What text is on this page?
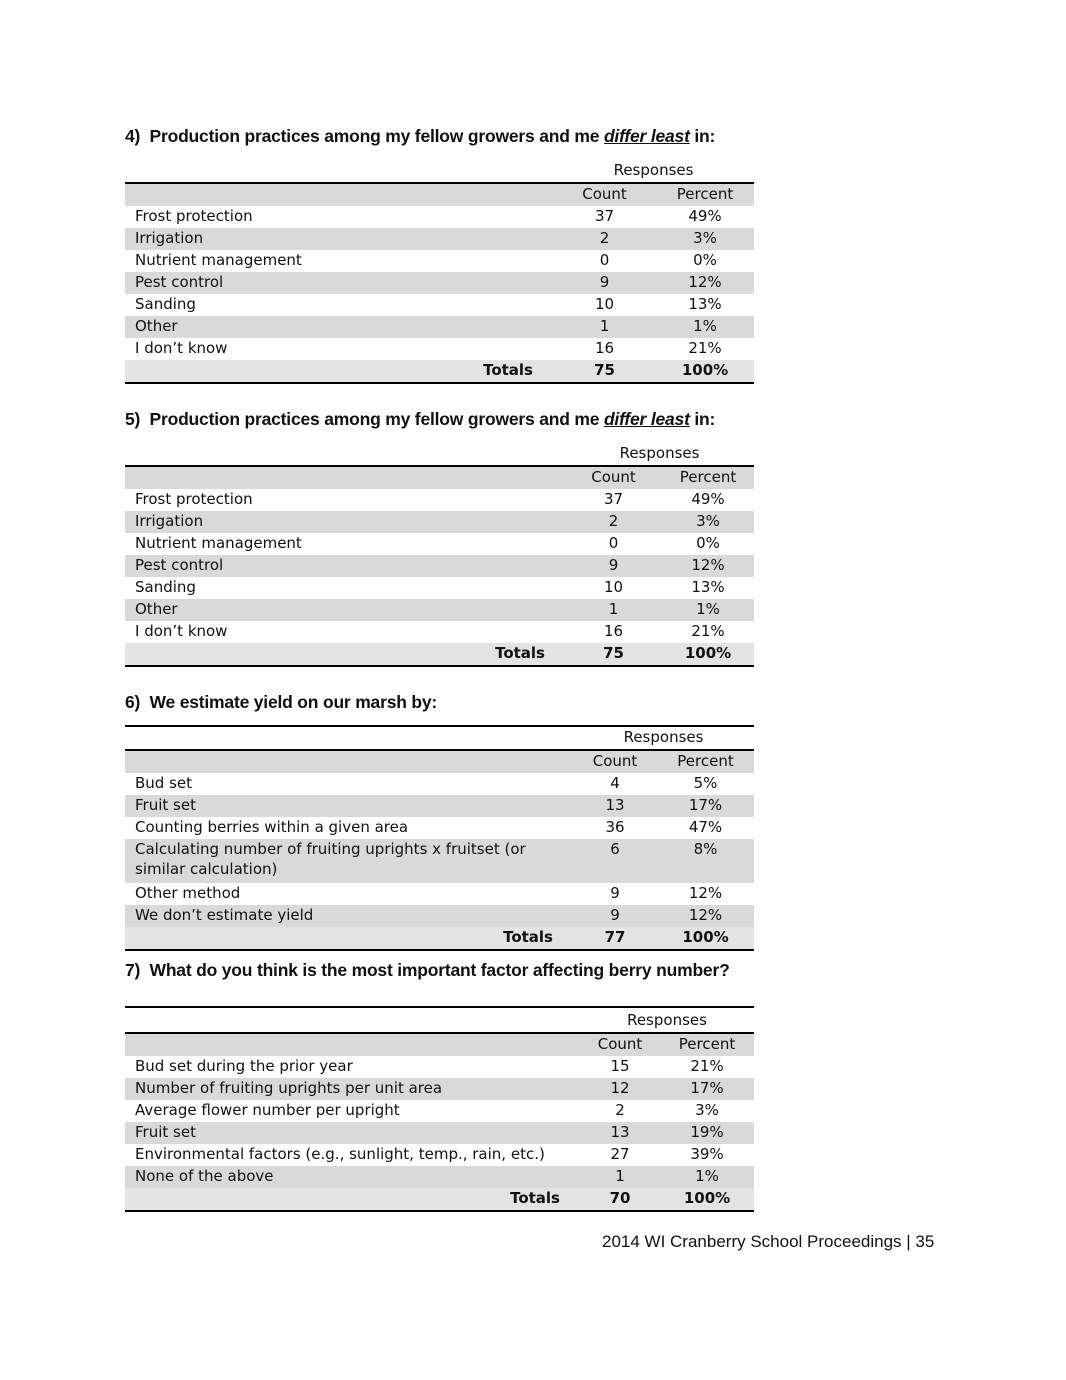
4) Production practices among my fellow growers and me differ least in:
	Responses	
	Count	Percent
Frost protection	37	49%
Irrigation	2	3%
Nutrient management	0	0%
Pest control	9	12%
Sanding	10	13%
Other	1	1%
I don’t know	16	21%
Totals	75	100%
5) Production practices among my fellow growers and me differ least in:
	Responses	
	Count	Percent
Frost protection	37	49%
Irrigation	2	3%
Nutrient management	0	0%
Pest control	9	12%
Sanding	10	13%
Other	1	1%
I don’t know	16	21%
Totals	75	100%
6) We estimate yield on our marsh by:
	Responses	
	Count	Percent
Bud set	4	5%
Fruit set	13	17%
Counting berries within a given area	36	47%
Calculating number of fruiting uprights x fruitset (or similar calculation)	6	8%
Other method	9	12%
We don’t estimate yield	9	12%
Totals	77	100%
7) What do you think is the most important factor affecting berry number?
	Responses	
	Count	Percent
Bud set during the prior year	15	21%
Number of fruiting uprights per unit area	12	17%
Average flower number per upright	2	3%
Fruit set	13	19%
Environmental factors (e.g., sunlight, temp., rain, etc.)	27	39%
None of the above	1	1%
Totals	70	100%
2014 WI Cranberry School Proceedings | 35
